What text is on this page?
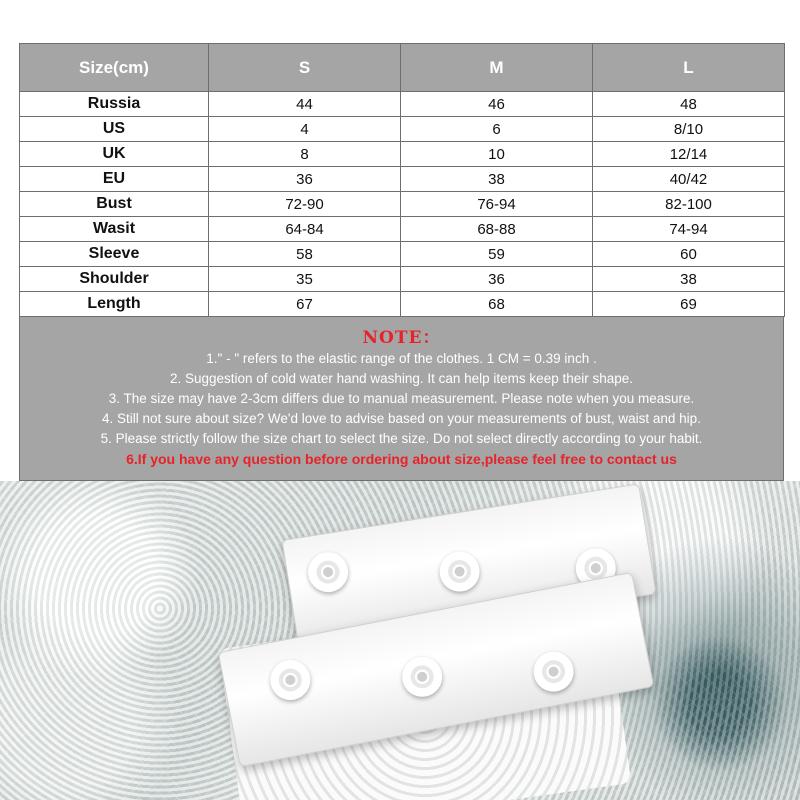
Size(cm)	S	M	L
Russia	44	46	48
US	4	6	8/10
UK	8	10	12/14
EU	36	38	40/42
Bust	72-90	76-94	82-100
Wasit	64-84	68-88	74-94
Sleeve	58	59	60
Shoulder	35	36	38
Length	67	68	69
NOTE：
1." - " refers to the elastic range of the clothes. 1 CM = 0.39 inch .
2. Suggestion of cold water hand washing. It can help items keep their shape.
3. The size may have 2-3cm differs due to manual measurement. Please note when you measure.
4. Still not sure about size? We'd love to advise based on your measurements of bust, waist and hip.
5. Please strictly follow the size chart to select the size. Do not select directly according to your habit.
6.If you have any question before ordering about size,please feel free to contact us
